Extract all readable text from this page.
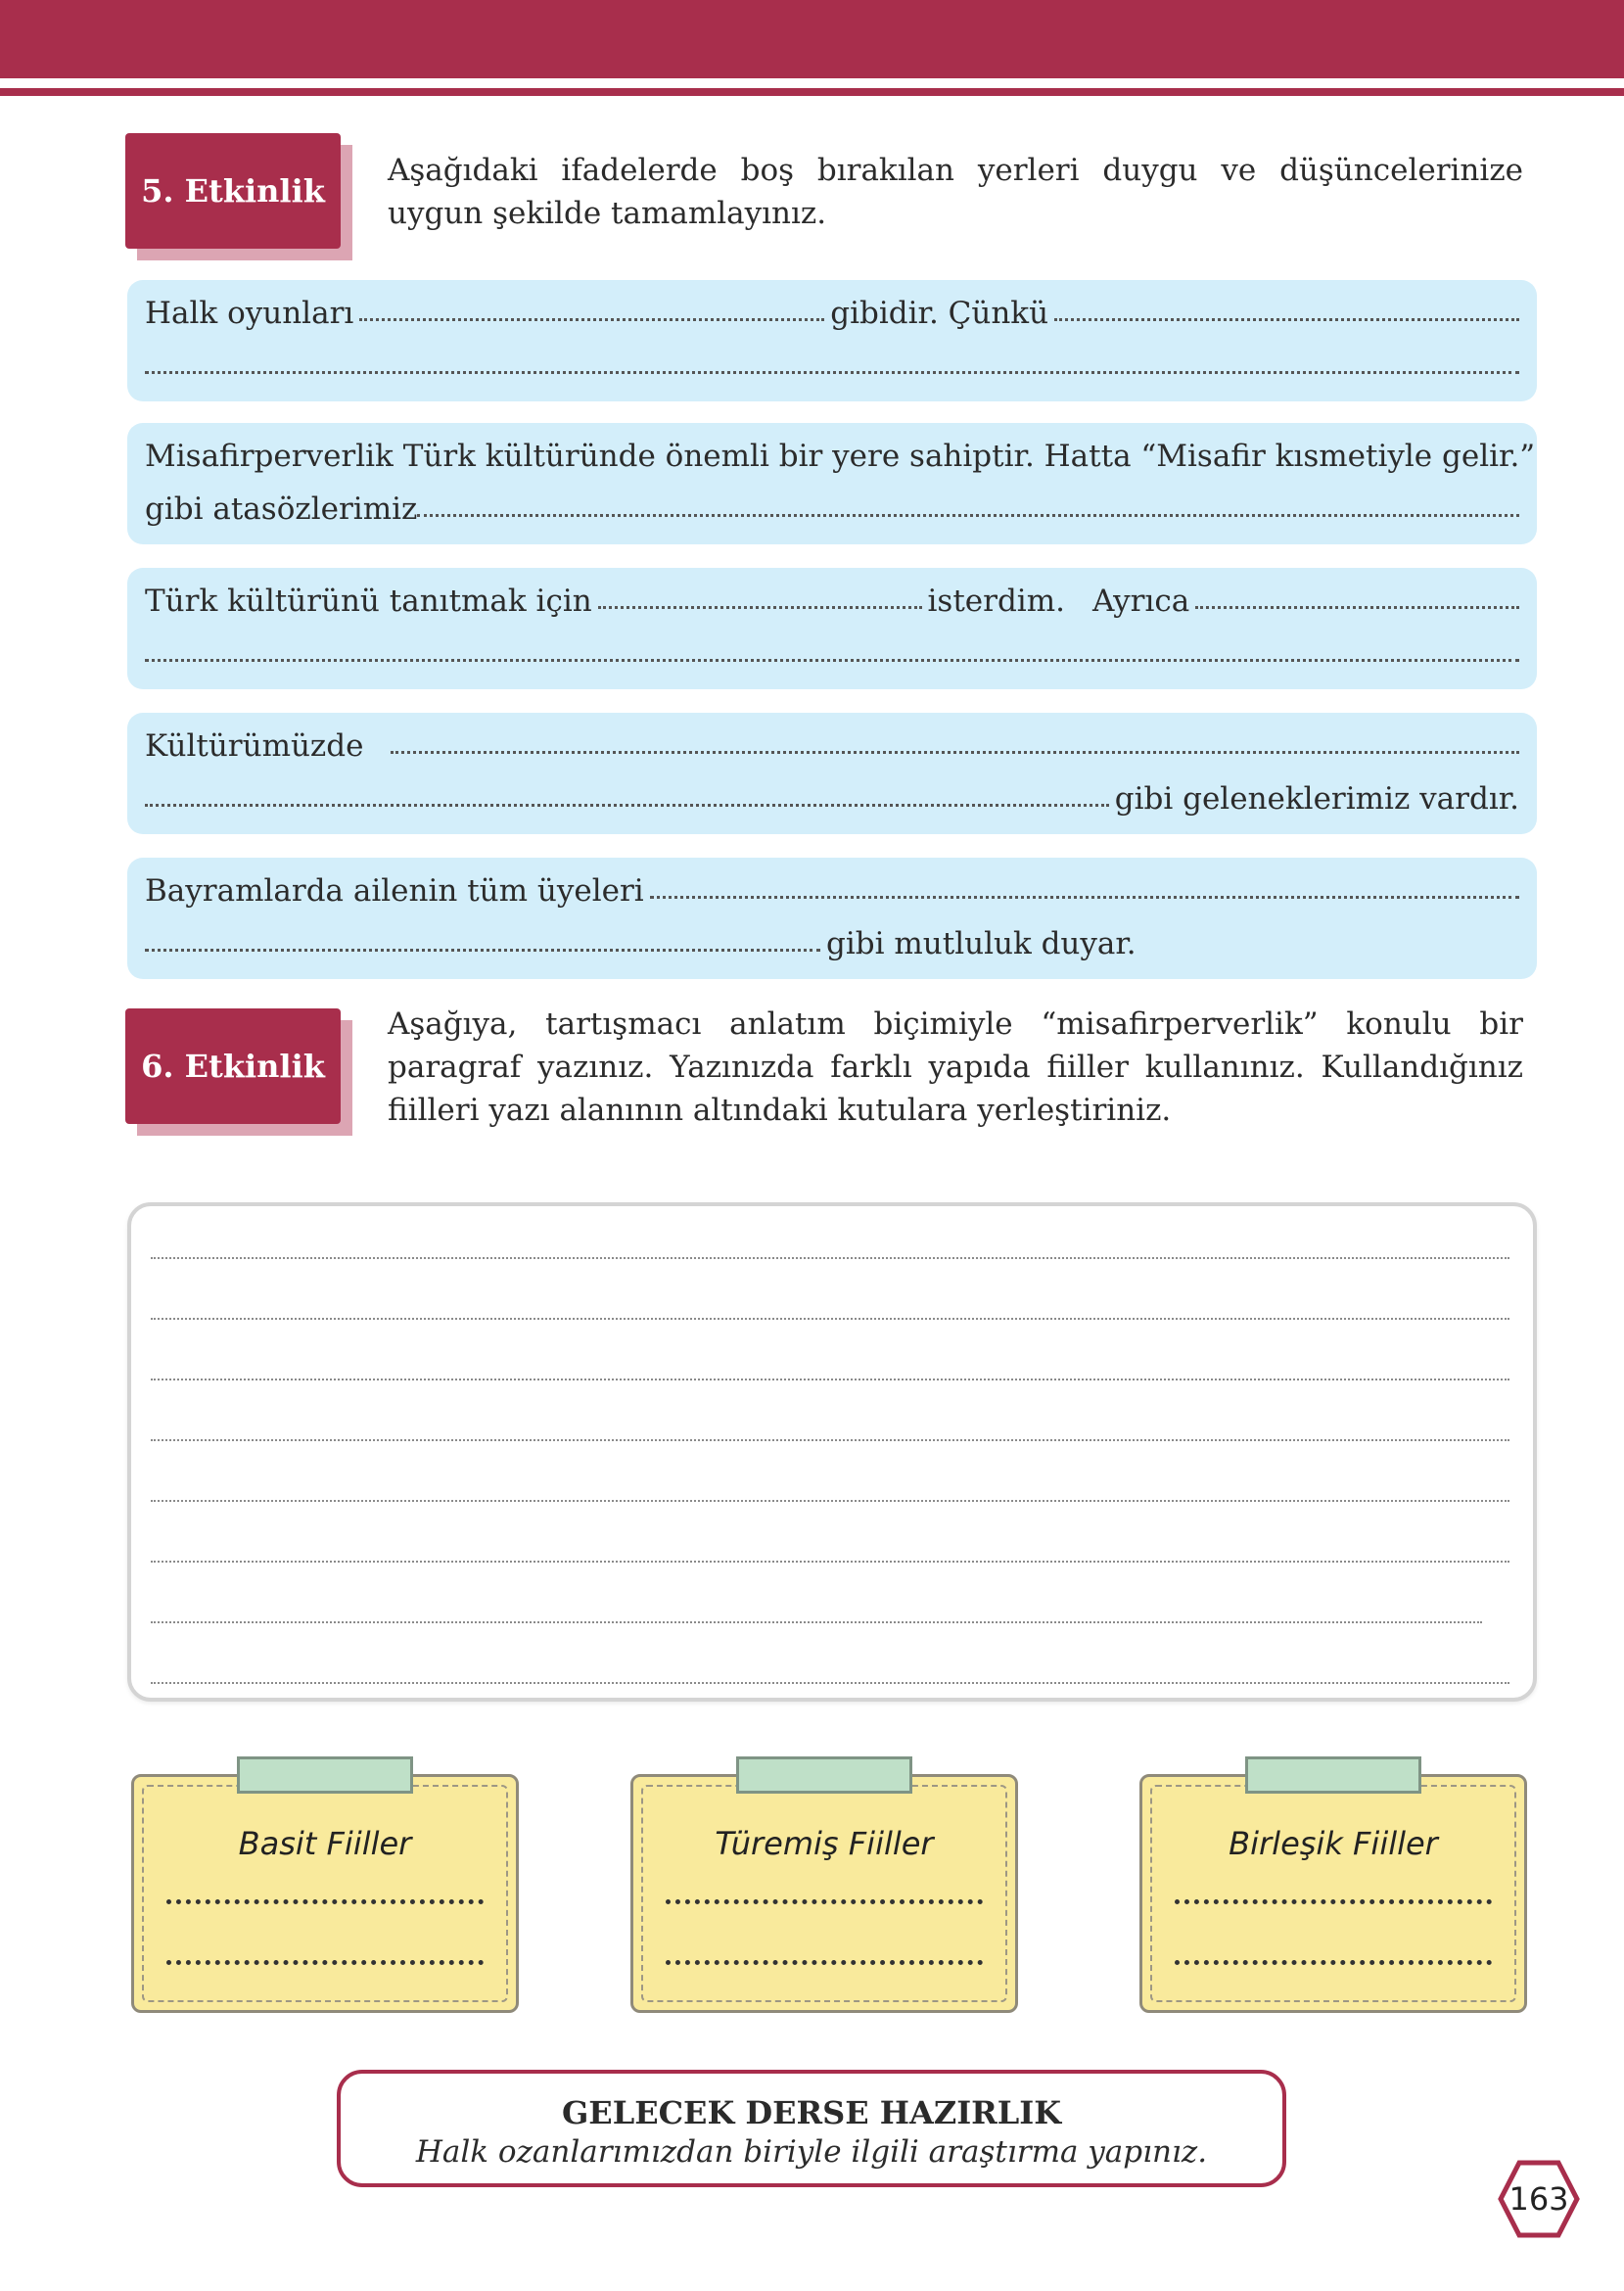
5. Etkinlik

Aşağıdaki ifadelerde boş bırakılan yerleri duygu ve düşüncelerinize uygun şekilde tamamlayınız.

Halk oyunları	gibidir. Çünkü
Misafirperverlik Türk kültüründe önemli bir yere sahiptir. Hatta “Misafir kısmetiyle gelir.”
gibi atasözlerimiz
Türk kültürünü tanıtmak için	isterdim. Ayrıca
Kültürümüzde
gibi geleneklerimiz vardır.
Bayramlarda ailenin tüm üyeleri
gibi mutluluk duyar.
6. Etkinlik

Aşağıya, tartışmacı anlatım biçimiyle “misafirperverlik” konulu bir paragraf yazınız. Yazınızda farklı yapıda fiiller kullanınız. Kullandığınız fiilleri yazı alanının altındaki kutulara yerleştiriniz.

Basit Fiiller	Türemiş Fiiller	Birleşik Fiiller
GELECEK DERSE HAZIRLIK
Halk ozanlarımızdan biriyle ilgili araştırma yapınız.
163
